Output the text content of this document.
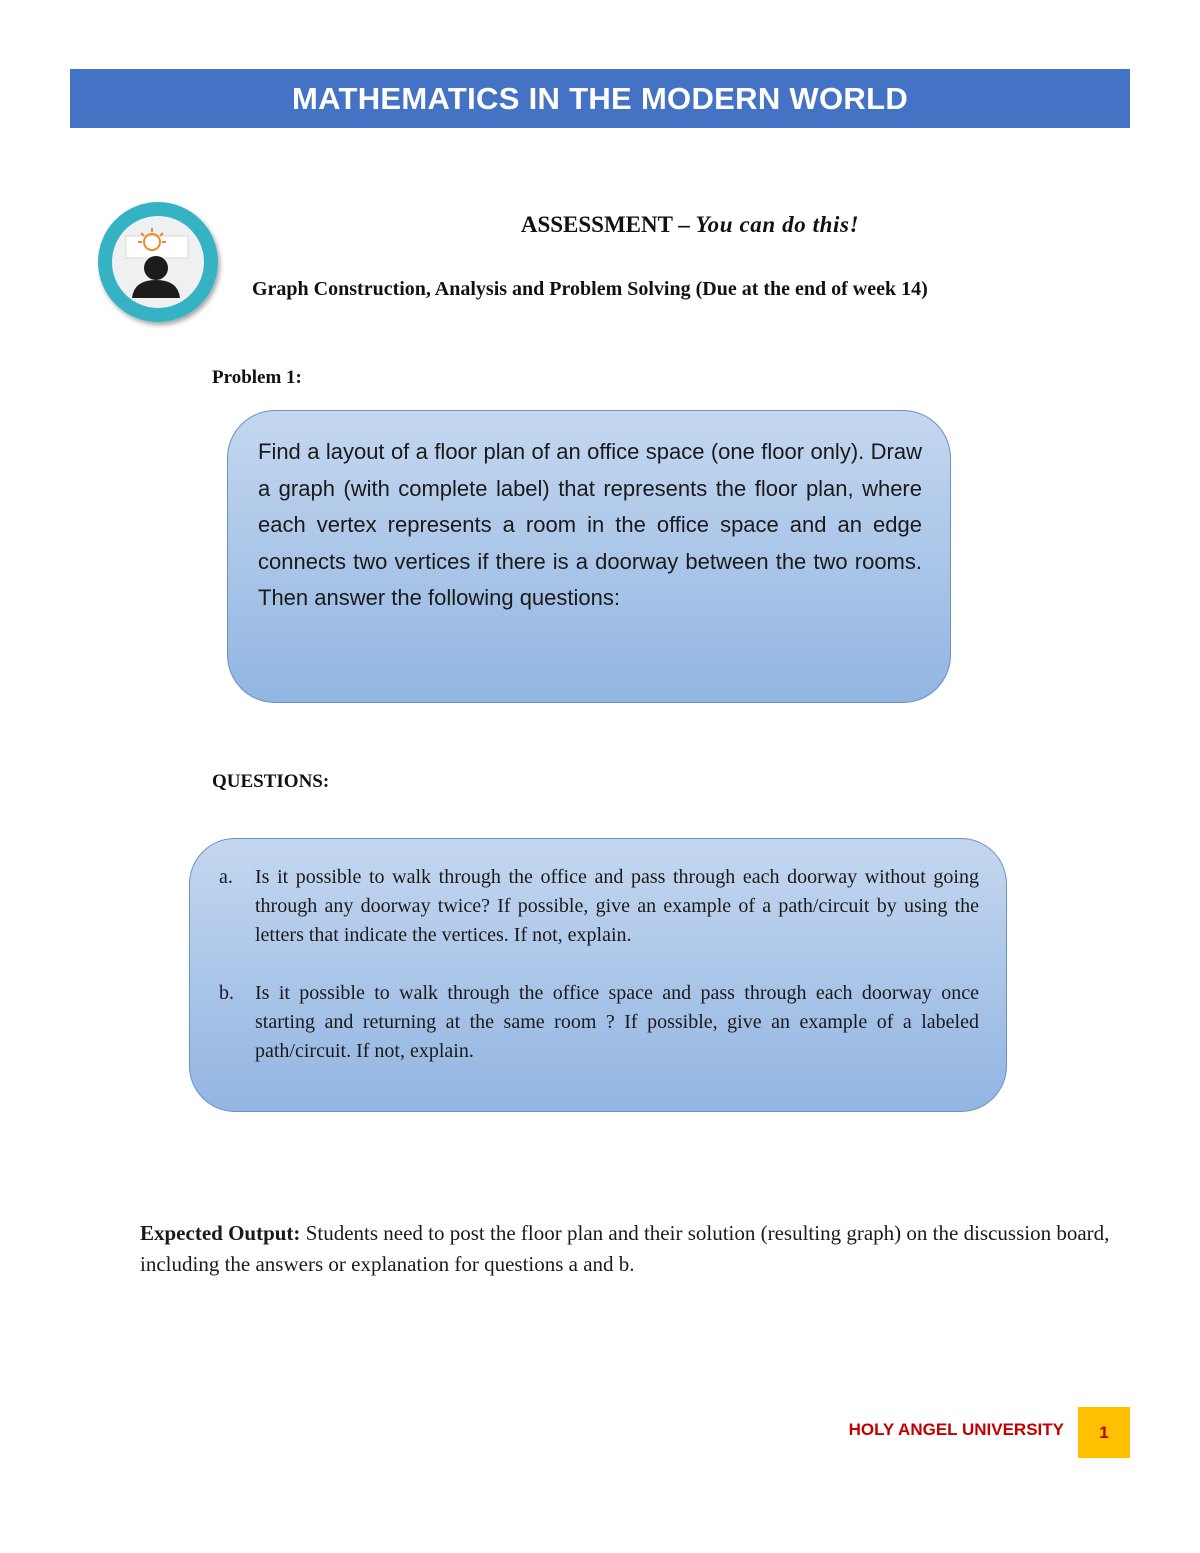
MATHEMATICS IN THE MODERN WORLD
ASSESSMENT – You can do this!
Graph Construction, Analysis and Problem Solving (Due at the end of week 14)
Problem 1:
Find a layout of a floor plan of an office space (one floor only). Draw a graph (with complete label) that represents the floor plan, where each vertex represents a room in the office space and an edge connects two vertices if there is a doorway between the two rooms. Then answer the following questions:
QUESTIONS:
a. Is it possible to walk through the office and pass through each doorway without going through any doorway twice? If possible, give an example of a path/circuit by using the letters that indicate the vertices. If not, explain.
b. Is it possible to walk through the office space and pass through each doorway once starting and returning at the same room ? If possible, give an example of a labeled path/circuit. If not, explain.
Expected Output: Students need to post the floor plan and their solution (resulting graph) on the discussion board, including the answers or explanation for questions a and b.
HOLY ANGEL UNIVERSITY 1
